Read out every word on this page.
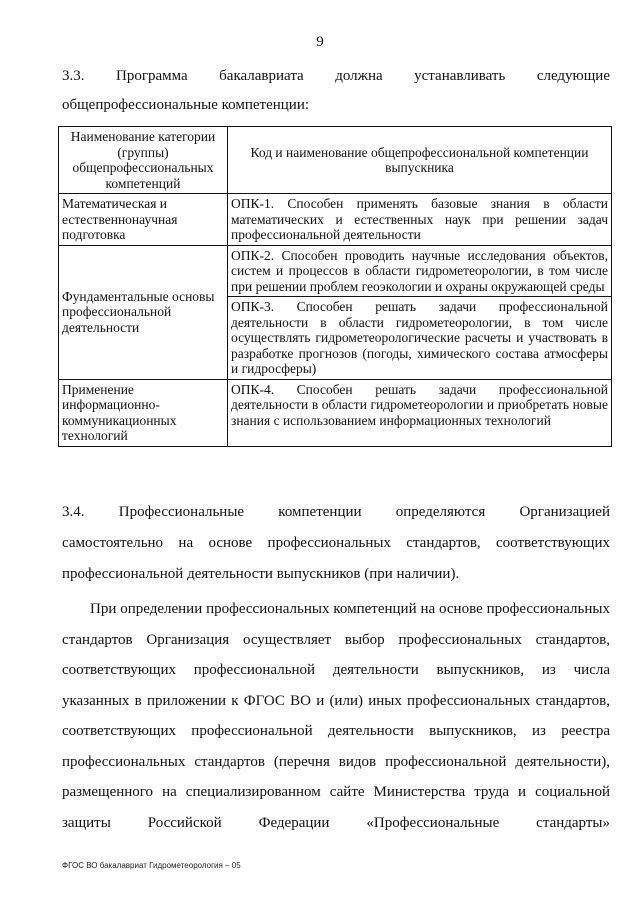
9
3.3. Программа бакалавриата должна устанавливать следующие
общепрофессиональные компетенции:
Наименование категории (группы) общепрофессиональных компетенций	Код и наименование общепрофессиональной компетенции выпускника
Математическая и естественнонаучная подготовка	ОПК-1. Способен применять базовые знания в области математических и естественных наук при решении задач профессиональной деятельности
Фундаментальные основы профессиональной деятельности	ОПК-2. Способен проводить научные исследования объектов, систем и процессов в области гидрометеорологии, в том числе при решении проблем геоэкологии и охраны окружающей среды
	ОПК-3. Способен решать задачи профессиональной деятельности в области гидрометеорологии, в том числе осуществлять гидрометеорологические расчеты и участвовать в разработке прогнозов (погоды, химического состава атмосферы и гидросферы)
Применение информационно-коммуникационных технологий	ОПК-4. Способен решать задачи профессиональной деятельности в области гидрометеорологии и приобретать новые знания с использованием информационных технологий
3.4. Профессиональные компетенции определяются Организацией
самостоятельно на основе профессиональных стандартов, соответствующих
профессиональной деятельности выпускников (при наличии).
При определении профессиональных компетенций на основе профессиональных стандартов Организация осуществляет выбор профессиональных стандартов, соответствующих профессиональной деятельности выпускников, из числа указанных в приложении к ФГОС ВО и (или) иных профессиональных стандартов, соответствующих профессиональной деятельности выпускников, из реестра профессиональных стандартов (перечня видов профессиональной деятельности), размещенного на специализированном сайте Министерства труда и социальной защиты Российской Федерации «Профессиональные стандарты»
ФГОС ВО бакалавриат Гидрометеорология – 05
